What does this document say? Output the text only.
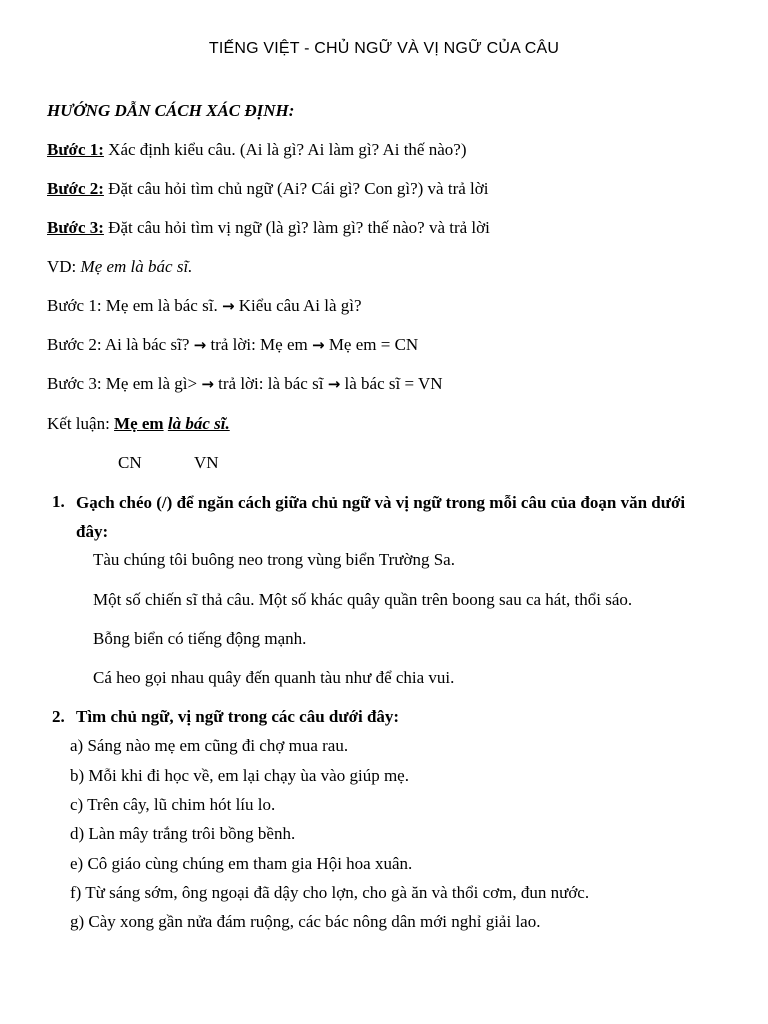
TIẾNG VIỆT - CHỦ NGỮ VÀ VỊ NGỮ CỦA CÂU
HƯỚNG DẪN CÁCH XÁC ĐỊNH:
Bước 1: Xác định kiểu câu. (Ai là gì? Ai làm gì? Ai thế nào?)
Bước 2: Đặt câu hỏi tìm chủ ngữ (Ai? Cái gì? Con gì?) và trả lời
Bước 3: Đặt câu hỏi tìm vị ngữ (là gì? làm gì? thế nào? và trả lời
VD: Mẹ em là bác sĩ.
Bước 1: Mẹ em là bác sĩ. → Kiểu câu Ai là gì?
Bước 2: Ai là bác sĩ? → trả lời: Mẹ em → Mẹ em = CN
Bước 3: Mẹ em là gì> → trả lời: là bác sĩ → là bác sĩ = VN
Kết luận: Mẹ em là bác sĩ.
CN	VN
1. Gạch chéo (/) để ngăn cách giữa chủ ngữ và vị ngữ trong mỗi câu của đoạn văn dưới đây:
Tàu chúng tôi buông neo trong vùng biển Trường Sa.
Một số chiến sĩ thả câu. Một số khác quây quần trên boong sau ca hát, thổi sáo.
Bỗng biển có tiếng động mạnh.
Cá heo gọi nhau quây đến quanh tàu như để chia vui.
2. Tìm chủ ngữ, vị ngữ trong các câu dưới đây:
a) Sáng nào mẹ em cũng đi chợ mua rau.
b) Mỗi khi đi học về, em lại chạy ùa vào giúp mẹ.
c) Trên cây, lũ chim hót líu lo.
d) Làn mây trắng trôi bồng bềnh.
e) Cô giáo cùng chúng em tham gia Hội hoa xuân.
f) Từ sáng sớm, ông ngoại đã dậy cho lợn, cho gà ăn và thổi cơm, đun nước.
g) Cày xong gần nửa đám ruộng, các bác nông dân mới nghỉ giải lao.
